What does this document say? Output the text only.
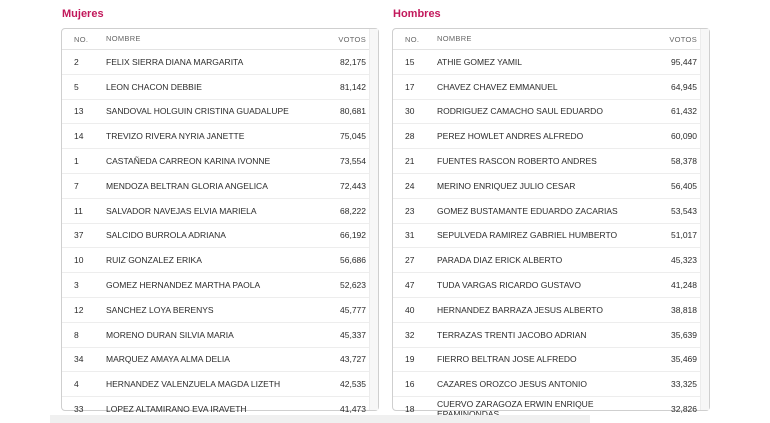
Mujeres
NO.	NOMBRE	VOTOS
2	FELIX SIERRA DIANA MARGARITA	82,175
5	LEON CHACON DEBBIE	81,142
13	SANDOVAL HOLGUIN CRISTINA GUADALUPE	80,681
14	TREVIZO RIVERA NYRIA JANETTE	75,045
1	CASTAÑEDA CARREON KARINA IVONNE	73,554
7	MENDOZA BELTRAN GLORIA ANGELICA	72,443
11	SALVADOR NAVEJAS ELVIA MARIELA	68,222
37	SALCIDO BURROLA ADRIANA	66,192
10	RUIZ GONZALEZ ERIKA	56,686
3	GOMEZ HERNANDEZ MARTHA PAOLA	52,623
12	SANCHEZ LOYA BERENYS	45,777
8	MORENO DURAN SILVIA MARIA	45,337
34	MARQUEZ AMAYA ALMA DELIA	43,727
4	HERNANDEZ VALENZUELA MAGDA LIZETH	42,535
33	LOPEZ ALTAMIRANO EVA IRAVETH	41,473
Hombres
NO.	NOMBRE	VOTOS
15	ATHIE GOMEZ YAMIL	95,447
17	CHAVEZ CHAVEZ EMMANUEL	64,945
30	RODRIGUEZ CAMACHO SAUL EDUARDO	61,432
28	PEREZ HOWLET ANDRES ALFREDO	60,090
21	FUENTES RASCON ROBERTO ANDRES	58,378
24	MERINO ENRIQUEZ JULIO CESAR	56,405
23	GOMEZ BUSTAMANTE EDUARDO ZACARIAS	53,543
31	SEPULVEDA RAMIREZ GABRIEL HUMBERTO	51,017
27	PARADA DIAZ ERICK ALBERTO	45,323
47	TUDA VARGAS RICARDO GUSTAVO	41,248
40	HERNANDEZ BARRAZA JESUS ALBERTO	38,818
32	TERRAZAS TRENTI JACOBO ADRIAN	35,639
19	FIERRO BELTRAN JOSE ALFREDO	35,469
16	CAZARES OROZCO JESUS ANTONIO	33,325
18	CUERVO ZARAGOZA ERWIN ENRIQUE	32,826
